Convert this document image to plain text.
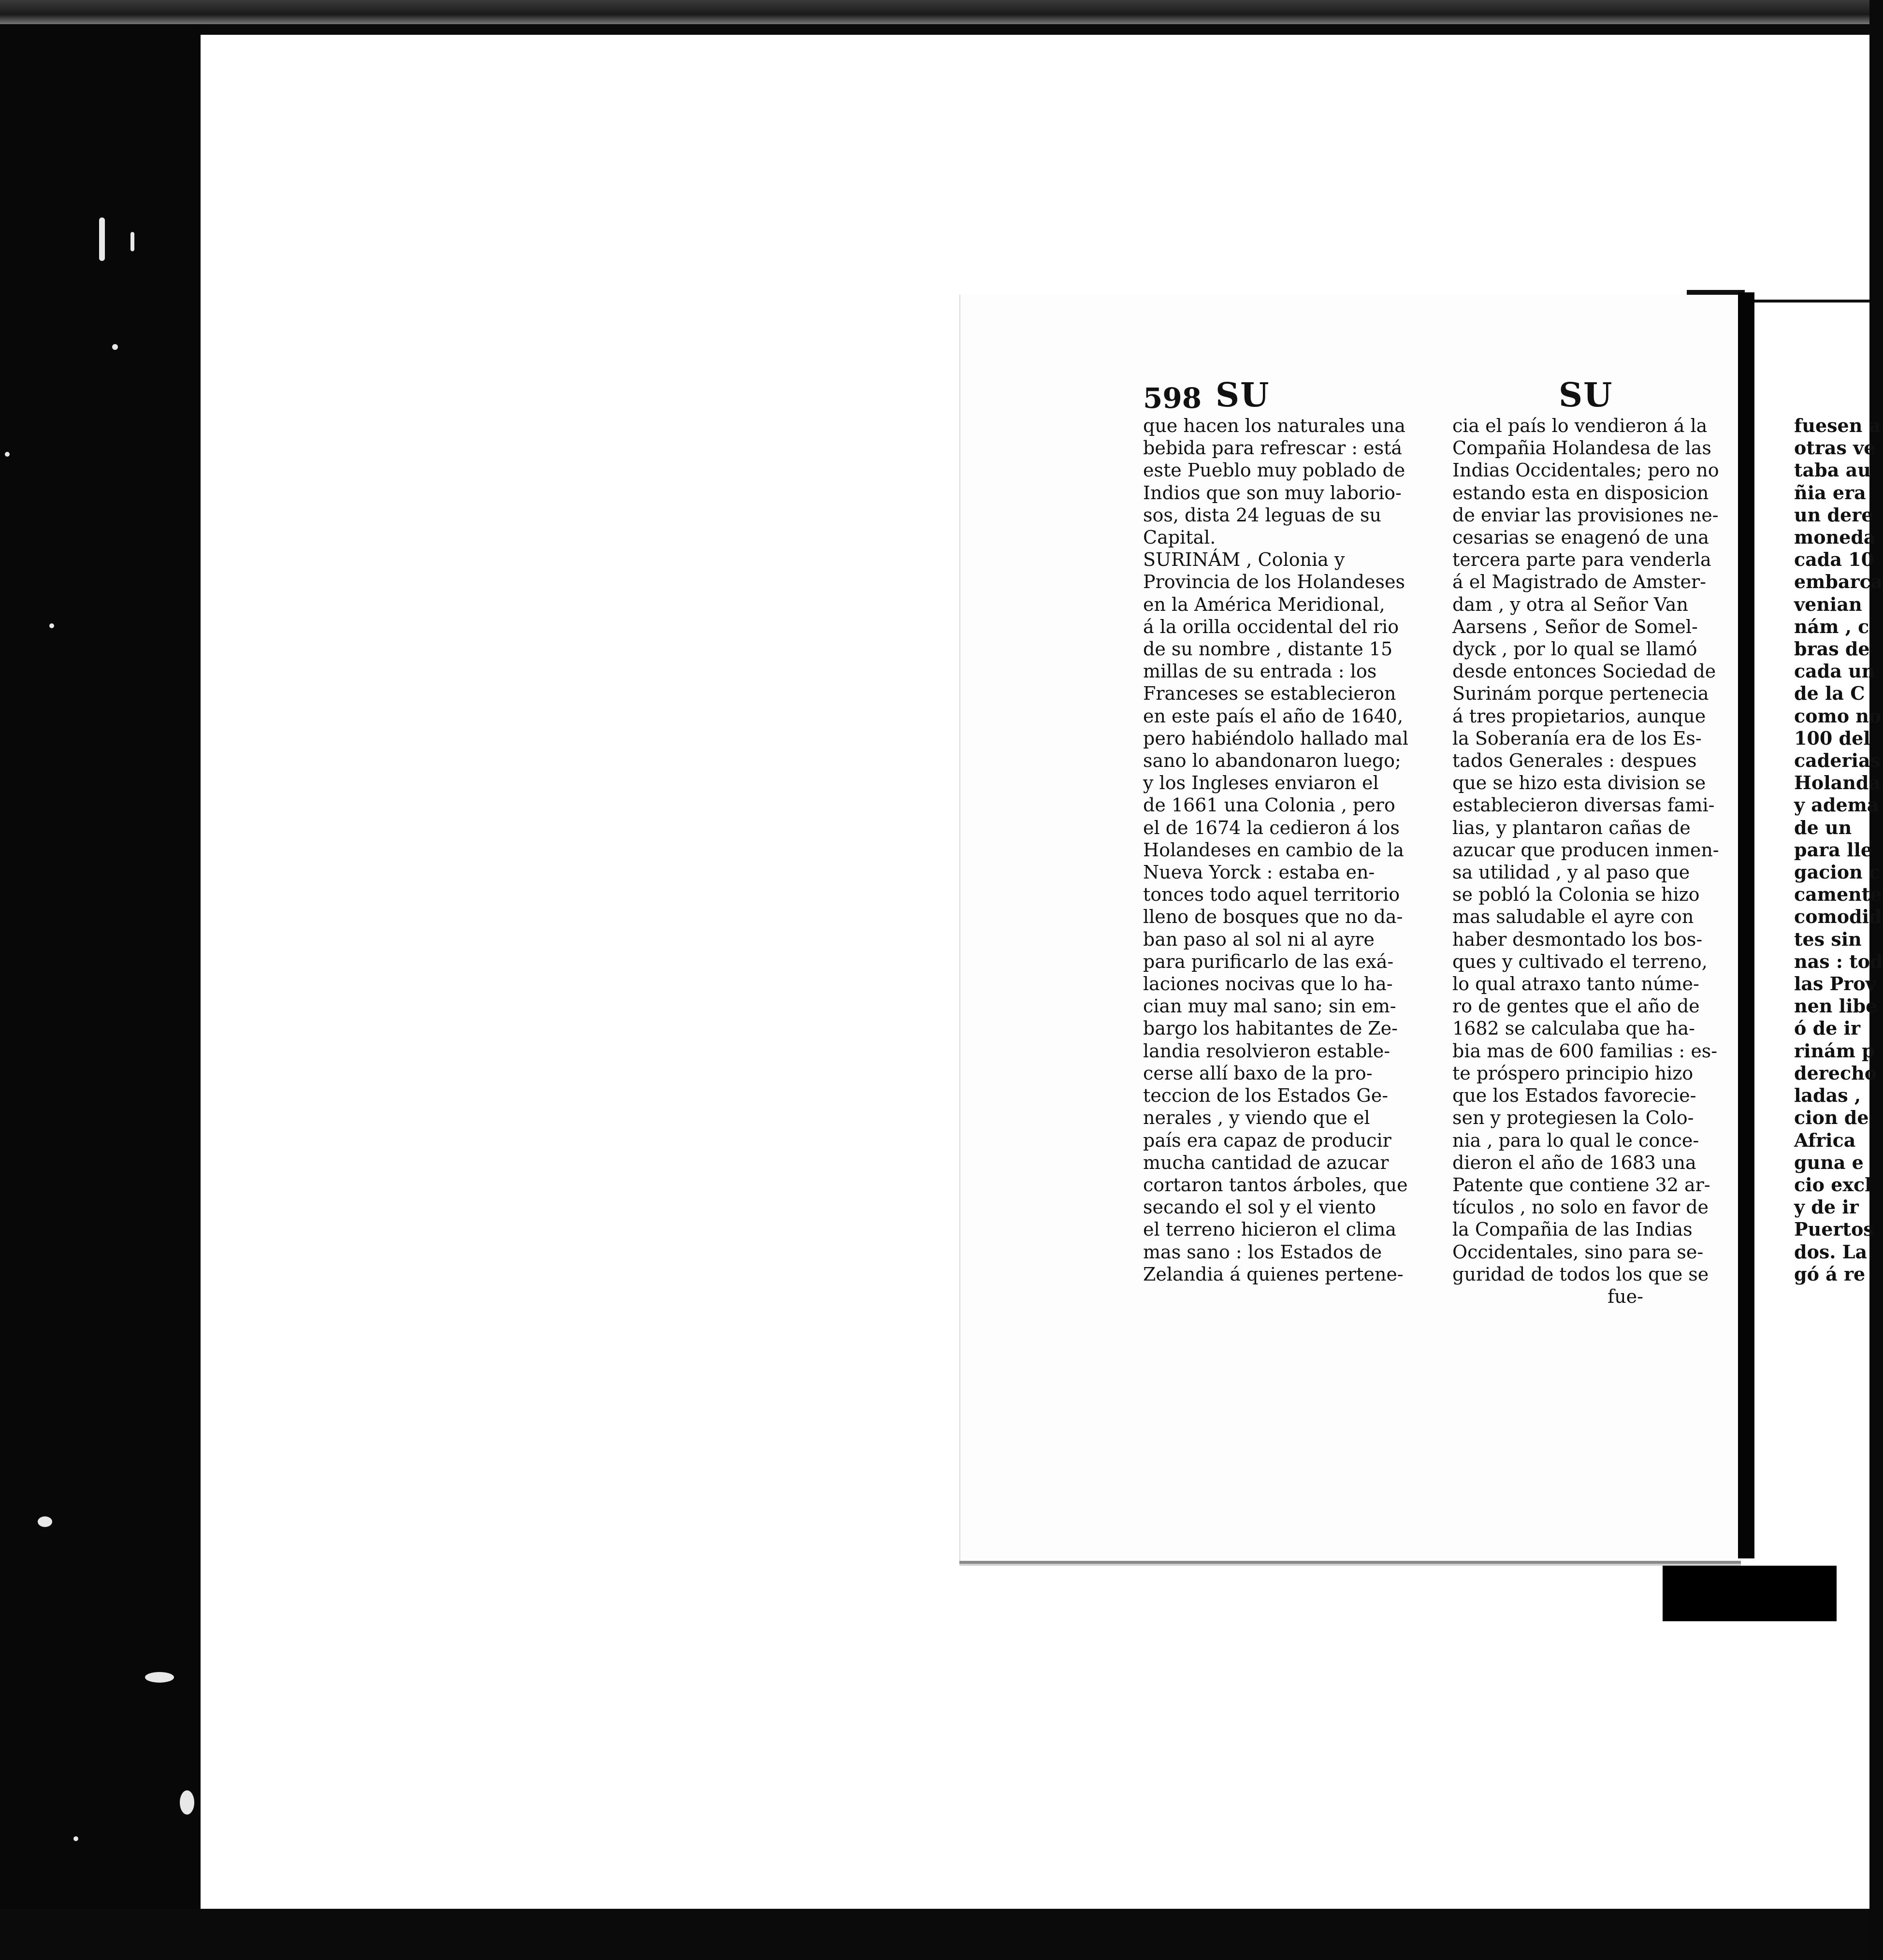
598 SU	SU
que hacen los naturales una
bebida para refrescar : está
este Pueblo muy poblado de
Indios que son muy laborio-
sos, dista 24 leguas de su
Capital.
SURINÁM , Colonia y
Provincia de los Holandeses
en la América Meridional,
á la orilla occidental del rio
de su nombre , distante 15
millas de su entrada : los
Franceses se establecieron
en este país el año de 1640,
pero habiéndolo hallado mal
sano lo abandonaron luego;
y los Ingleses enviaron el
de 1661 una Colonia , pero
el de 1674 la cedieron á los
Holandeses en cambio de la
Nueva Yorck : estaba en-
tonces todo aquel territorio
lleno de bosques que no da-
ban paso al sol ni al ayre
para purificarlo de las exá-
laciones nocivas que lo ha-
cian muy mal sano; sin em-
bargo los habitantes de Ze-
landia resolvieron estable-
cerse allí baxo de la pro-
teccion de los Estados Ge-
nerales , y viendo que el
país era capaz de producir
mucha cantidad de azucar
cortaron tantos árboles, que
secando el sol y el viento
el terreno hicieron el clima
mas sano : los Estados de
Zelandia á quienes pertene-
cia el país lo vendieron á la
Compañia Holandesa de las
Indias Occidentales; pero no
estando esta en disposicion
de enviar las provisiones ne-
cesarias se enagenó de una
tercera parte para venderla
á el Magistrado de Amster-
dam , y otra al Señor Van
Aarsens , Señor de Somel-
dyck , por lo qual se llamó
desde entonces Sociedad de
Surinám porque pertenecia
á tres propietarios, aunque
la Soberanía era de los Es-
tados Generales : despues
que se hizo esta division se
establecieron diversas fami-
lias, y plantaron cañas de
azucar que producen inmen-
sa utilidad , y al paso que
se pobló la Colonia se hizo
mas saludable el ayre con
haber desmontado los bos-
ques y cultivado el terreno,
lo qual atraxo tanto núme-
ro de gentes que el año de
1682 se calculaba que ha-
bia mas de 600 familias : es-
te próspero principio hizo
que los Estados favorecie-
sen y protegiesen la Colo-
nia , para lo qual le conce-
dieron el año de 1683 una
Patente que contiene 32 ar-
tículos , no solo en favor de
la Compañia de las Indias
Occidentales, sino para se-
guridad de todos los que se
fue-
fuesen a
otras ve
taba au
ñia era
un dere
moneda
cada 10
embarca
venian
nám , c
bras de
cada un
de la C
como no
100 del
caderias
Holanda
y adema
de un
para lle
gacion c
camente
comodid
tes sin
nas : tod
las Prov
nen libe
ó de ir
rinám p
derecho
ladas ,
cion de
Africa
guna e
cio excl
y de ir
Puertos
dos. La
gó á re
